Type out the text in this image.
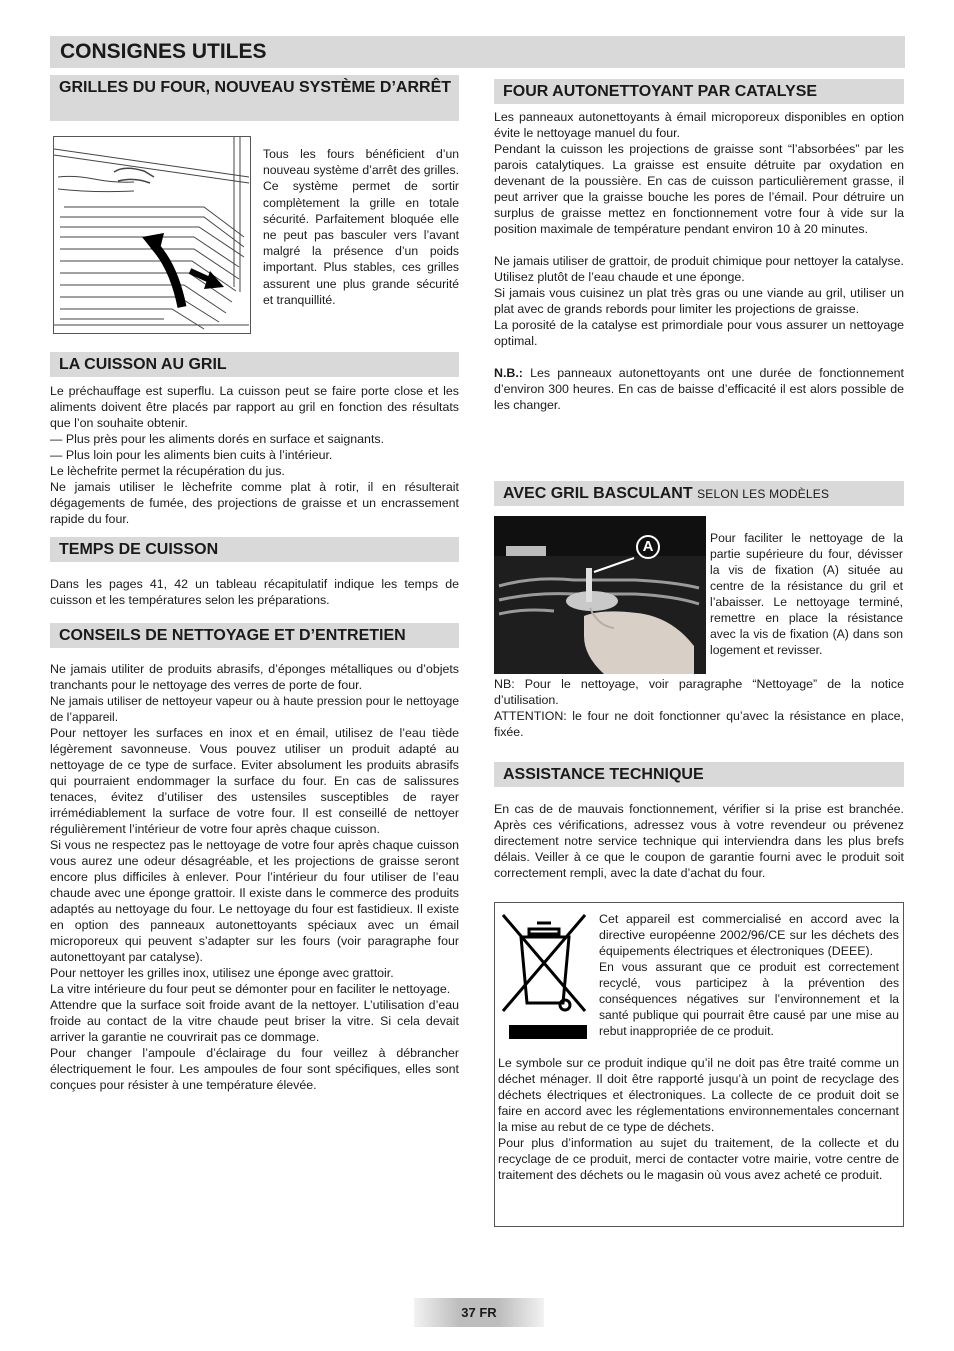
CONSIGNES UTILES
GRILLES DU FOUR, NOUVEAU SYSTÈME D’ARRÊT
Tous les fours bénéficient d’un nouveau système d’arrêt des grilles. Ce système permet de sortir complètement la grille en totale sécurité. Parfaitement bloquée elle ne peut pas basculer vers l’avant malgré la présence d’un poids important. Plus stables, ces grilles assurent une plus grande sécurité et tranquillité.
LA CUISSON AU GRIL

Le préchauffage est superflu. La cuisson peut se faire porte close et les aliments doivent être placés par rapport au gril en fonction des résultats que l’on souhaite obtenir.

— Plus près pour les aliments dorés en surface et saignants.

— Plus loin pour les aliments bien cuits à l’intérieur.

Le lèchefrite permet la récupération du jus.

Ne jamais utiliser le lèchefrite comme plat à rotir, il en résulterait dégagements de fumée, des projections de graisse et un encrassement rapide du four.

TEMPS DE CUISSON
Dans les pages 41, 42 un tableau récapitulatif indique les temps de cuisson et les températures selon les préparations.
CONSEILS DE NETTOYAGE ET D’ENTRETIEN

Ne jamais utiliter de produits abrasifs, d’éponges métalliques ou d’objets tranchants pour le nettoyage des verres de porte de four.

Ne jamais utiliser de nettoyeur vapeur ou à haute pression pour le nettoyage de l’appareil.

Pour nettoyer les surfaces en inox et en émail, utilisez de l’eau tiède légèrement savonneuse. Vous pouvez utiliser un produit adapté au nettoyage de ce type de surface. Eviter absolument les produits abrasifs qui pourraient endommager la surface du four. En cas de salissures tenaces, évitez d’utiliser des ustensiles susceptibles de rayer irrémédiablement la surface de votre four. Il est conseillé de nettoyer régulièrement l’intérieur de votre four après chaque cuisson.

Si vous ne respectez pas le nettoyage de votre four après chaque cuisson vous aurez une odeur désagréable, et les projections de graisse seront encore plus difficiles à enlever. Pour l’intérieur du four utiliser de l’eau chaude avec une éponge grattoir. Il existe dans le commerce des produits adaptés au nettoyage du four. Le nettoyage du four est fastidieux. Il existe en option des panneaux autonettoyants spéciaux avec un émail microporeux qui peuvent s’adapter sur les fours (voir paragraphe four autonettoyant par catalyse).

Pour nettoyer les grilles inox, utilisez une éponge avec grattoir.

La vitre intérieure du four peut se démonter pour en faciliter le nettoyage.

Attendre que la surface soit froide avant de la nettoyer. L’utilisation d’eau froide au contact de la vitre chaude peut briser la vitre. Si cela devait arriver la garantie ne couvrirait pas ce dommage.

Pour changer l’ampoule d’éclairage du four veillez à débrancher électriquement le four. Les ampoules de four sont spécifiques, elles sont conçues pour résister à une température élevée.

FOUR AUTONETTOYANT PAR CATALYSE

Les panneaux autonettoyants à émail microporeux disponibles en option évite le nettoyage manuel du four.

Pendant la cuisson les projections de graisse sont “l’absorbées” par les parois catalytiques. La graisse est ensuite détruite par oxydation en devenant de la poussière. En cas de cuisson particulièrement grasse, il peut arriver que la graisse bouche les pores de l’émail. Pour détruire un surplus de graisse mettez en fonctionnement votre four à vide sur la position maximale de température pendant environ 10 à 20 minutes.

Ne jamais utiliser de grattoir, de produit chimique pour nettoyer la catalyse. Utilisez plutôt de l’eau chaude et une éponge.

Si jamais vous cuisinez un plat très gras ou une viande au gril, utiliser un plat avec de grands rebords pour limiter les projections de graisse.

La porosité de la catalyse est primordiale pour vous assurer un nettoyage optimal.

N.B.: Les panneaux autonettoyants ont une durée de fonctionnement d’environ 300 heures. En cas de baisse d’efficacité il est alors possible de les changer.

AVEC GRIL BASCULANT SELON LES MODÈLES
A	Pour faciliter le nettoyage de la partie supérieure du four, dévisser la vis de fixation (A) située au centre de la résistance du gril et l’abaisser. Le nettoyage terminé, remettre en place la résistance avec la vis de fixation (A) dans son logement et revisser.

NB: Pour le nettoyage, voir paragraphe “Nettoyage” de la notice d’utilisation.

ATTENTION: le four ne doit fonctionner qu’avec la résistance en place, fixée.

ASSISTANCE TECHNIQUE
En cas de de mauvais fonctionnement, vérifier si la prise est branchée. Après ces vérifications, adressez vous à votre revendeur ou prévenez directement notre service technique qui interviendra dans les plus brefs délais. Veiller à ce que le coupon de garantie fourni avec le produit soit correctement rempli, avec la date d’achat du four.

Cet appareil est commercialisé en accord avec la directive européenne 2002/96/CE sur les déchets des équipements électriques et électroniques (DEEE).

En vous assurant que ce produit est correctement recyclé, vous participez à la prévention des conséquences négatives sur l’environnement et la santé publique qui pourrait être causé par une mise au rebut inappropriée de ce produit.

Le symbole sur ce produit indique qu’il ne doit pas être traité comme un déchet ménager. Il doit être rapporté jusqu’à un point de recyclage des déchets électriques et électroniques. La collecte de ce produit doit se faire en accord avec les réglementations environnementales concernant la mise au rebut de ce type de déchets.

Pour plus d’information au sujet du traitement, de la collecte et du recyclage de ce produit, merci de contacter votre mairie, votre centre de traitement des déchets ou le magasin où vous avez acheté ce produit.

37 FR
